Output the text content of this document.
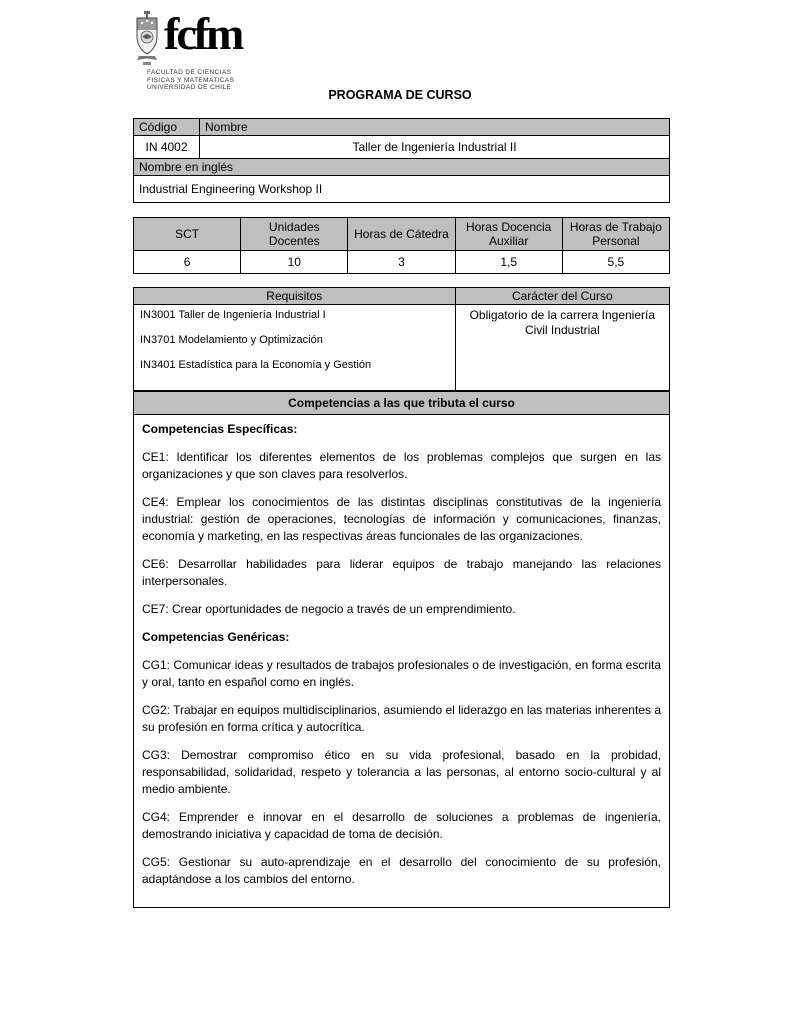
fcfm
FACULTAD DE CIENCIAS
FISICAS Y MATEMATICAS
UNIVERSIDAD DE CHILE
PROGRAMA DE CURSO
Código	Nombre
IN 4002	Taller de Ingeniería Industrial II
Nombre en inglés	
Industrial Engineering Workshop II	
SCT	Unidades Docentes	Horas de Cátedra	Horas Docencia Auxiliar	Horas de Trabajo Personal
6	10	3	1,5	5,5
Requisitos	Carácter del Curso

IN3001 Taller de Ingeniería Industrial I

IN3701 Modelamiento y Optimización

IN3401 Estadística para la Economía y Gestión	Obligatorio de la carrera Ingeniería Civil Industrial
Competencias a las que tributa el curso

Competencias Específicas:

CE1: Identificar los diferentes elementos de los problemas complejos que surgen en las organizaciones y que son claves para resolverlos.

CE4: Emplear los conocimientos de las distintas disciplinas constitutivas de la ingeniería industrial: gestión de operaciones, tecnologías de información y comunicaciones, finanzas, economía y marketing, en las respectivas áreas funcionales de las organizaciones.

CE6: Desarrollar habilidades para liderar equipos de trabajo manejando las relaciones interpersonales.

CE7: Crear oportunidades de negocio a través de un emprendimiento.

Competencias Genéricas:

CG1: Comunicar ideas y resultados de trabajos profesionales o de investigación, en forma escrita y oral, tanto en español como en inglés.

CG2: Trabajar en equipos multidisciplinarios, asumiendo el liderazgo en las materias inherentes a su profesión en forma crítica y autocrítica.

CG3: Demostrar compromiso ético en su vida profesional, basado en la probidad, responsabilidad, solidaridad, respeto y tolerancia a las personas, al entorno socio-cultural y al medio ambiente.

CG4: Emprender e innovar en el desarrollo de soluciones a problemas de ingeniería, demostrando iniciativa y capacidad de toma de decisión.

CG5: Gestionar su auto-aprendizaje en el desarrollo del conocimiento de su profesión, adaptándose a los cambios del entorno.
